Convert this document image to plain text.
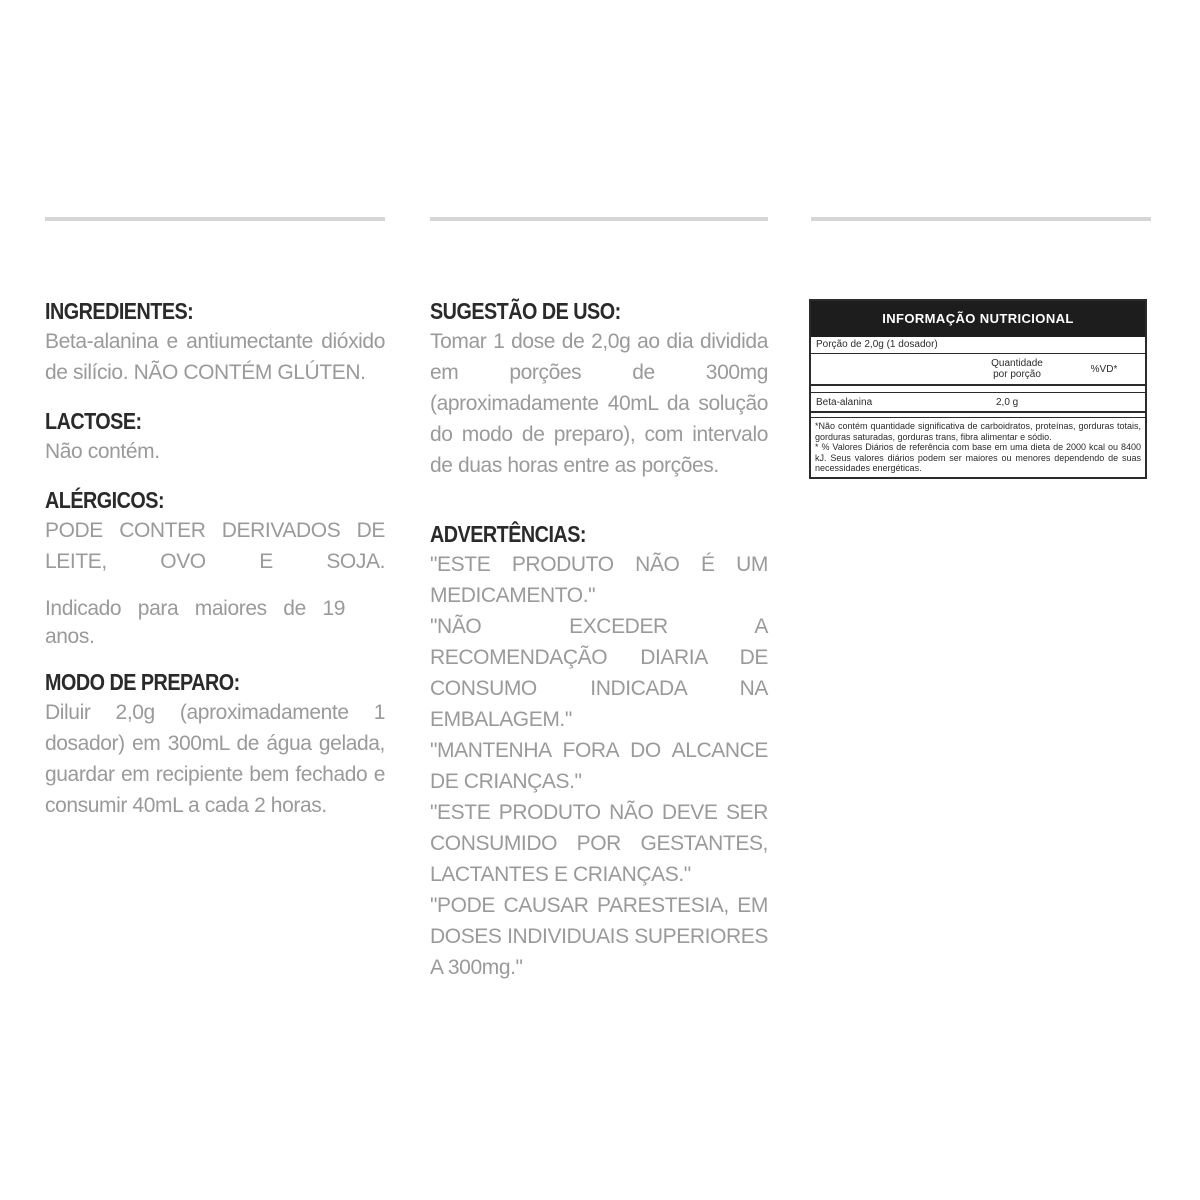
INGREDIENTES:

Beta-alanina e antiumectante dióxido de silício. NÃO CONTÉM GLÚTEN.

LACTOSE:

Não contém.

ALÉRGICOS:

PODE CONTER DERIVADOS DE LEITE, OVO E SOJA.

Indicado para maiores de 19 anos.

MODO DE PREPARO:

Diluir 2,0g (aproximadamente 1 dosador) em 300mL de água gelada, guardar em recipiente bem fechado e consumir 40mL a cada 2 horas.

SUGESTÃO DE USO:

Tomar 1 dose de 2,0g ao dia dividida em porções de 300mg (aproximadamente 40mL da solução do modo de preparo), com intervalo de duas horas entre as porções.

ADVERTÊNCIAS:

"ESTE PRODUTO NÃO É UM MEDICAMENTO."

"NÃO EXCEDER A RECOMENDAÇÃO DIARIA DE CONSUMO INDICADA NA EMBALAGEM."

"MANTENHA FORA DO ALCANCE DE CRIANÇAS."

"ESTE PRODUTO NÃO DEVE SER CONSUMIDO POR GESTANTES, LACTANTES E CRIANÇAS."

"PODE CAUSAR PARESTESIA, EM DOSES INDIVIDUAIS SUPERIORES A 300mg."

INFORMAÇÃO NUTRICIONAL
Porção de 2,0g (1 dosador)
Quantidade
por porção	%VD*
Beta-alanina	2,0 g

*Não contém quantidade significativa de carboidratos, proteínas, gorduras totais, gorduras saturadas, gorduras trans, fibra alimentar e sódio.

* % Valores Diários de referência com base em uma dieta de 2000 kcal ou 8400 kJ. Seus valores diários podem ser maiores ou menores dependendo de suas necessidades energéticas.
